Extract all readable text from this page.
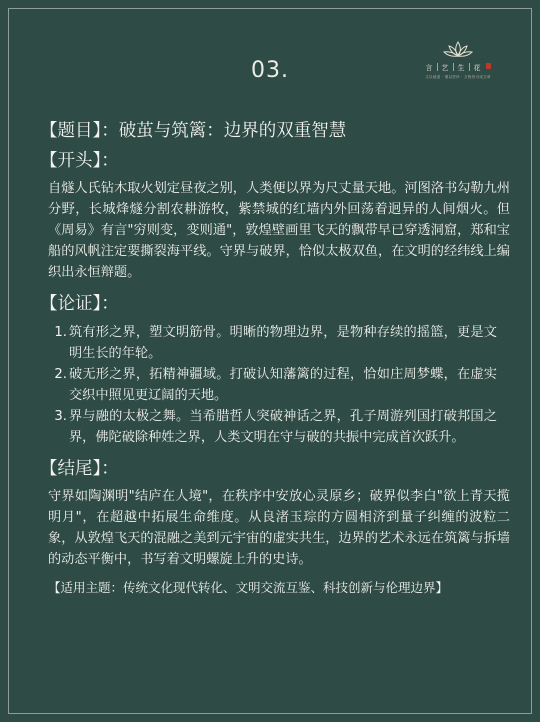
03.	言 艺 生 花
文以载道 · 墨以抒怀 · 万物皆可成文章
【题目】：破茧与筑篱：边界的双重智慧
【开头】：

自燧人氏钻木取火划定昼夜之别，人类便以界为尺丈量天地。河图洛书勾勒九州分野，长城烽燧分割农耕游牧，紫禁城的红墙内外回荡着迥异的人间烟火。但《周易》有言"穷则变，变则通"，敦煌壁画里飞天的飘带早已穿透洞窟，郑和宝船的风帆注定要撕裂海平线。守界与破界，恰似太极双鱼，在文明的经纬线上编织出永恒辩题。

【论证】：
1. 筑有形之界，塑文明筋骨。明晰的物理边界，是物种存续的摇篮，更是文明生长的年轮。
2. 破无形之界，拓精神疆域。打破认知藩篱的过程，恰如庄周梦蝶，在虚实交织中照见更辽阔的天地。
3. 界与融的太极之舞。当希腊哲人突破神话之界，孔子周游列国打破邦国之界，佛陀破除种姓之界，人类文明在守与破的共振中完成首次跃升。
【结尾】：

守界如陶渊明"结庐在人境"，在秩序中安放心灵原乡；破界似李白"欲上青天揽明月"，在超越中拓展生命维度。从良渚玉琮的方圆相济到量子纠缠的波粒二象，从敦煌飞天的混融之美到元宇宙的虚实共生，边界的艺术永远在筑篱与拆墙的动态平衡中，书写着文明螺旋上升的史诗。

【适用主题：传统文化现代转化、文明交流互鉴、科技创新与伦理边界】
